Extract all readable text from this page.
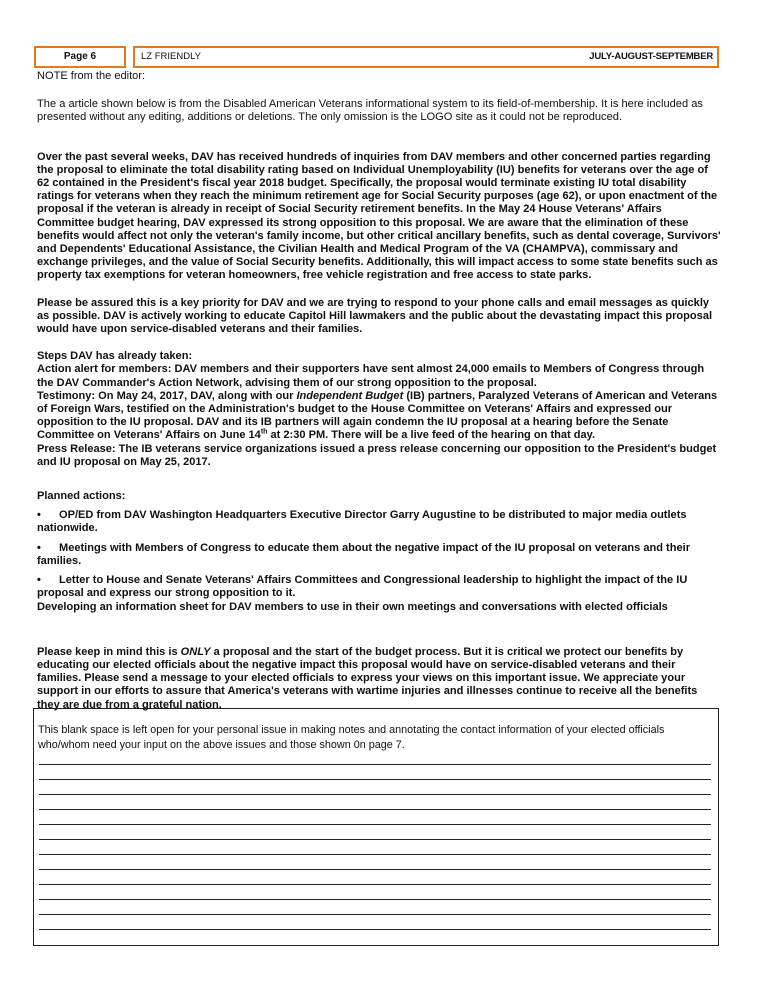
Page 6	LZ FRIENDLY	JULY-AUGUST-SEPTEMBER

NOTE from the editor:

The a article shown below is from the Disabled American Veterans informational system to its field-of-membership. It is here included as presented without any editing, additions or deletions. The only omission is the LOGO site as it could not be reproduced.

Over the past several weeks, DAV has received hundreds of inquiries from DAV members and other concerned parties regarding the proposal to eliminate the total disability rating based on Individual Unemployability (IU) benefits for veterans over the age of 62 contained in the President's fiscal year 2018 budget. Specifically, the proposal would terminate existing IU total disability ratings for veterans when they reach the minimum retirement age for Social Security purposes (age 62), or upon enactment of the proposal if the veteran is already in receipt of Social Security retirement benefits. In the May 24 House Veterans' Affairs Committee budget hearing, DAV expressed its strong opposition to this proposal. We are aware that the elimination of these benefits would affect not only the veteran's family income, but other critical ancillary benefits, such as dental coverage, Survivors' and Dependents' Educational Assistance, the Civilian Health and Medical Program of the VA (CHAMPVA), commissary and exchange privileges, and the value of Social Security benefits. Additionally, this will impact access to some state benefits such as property tax exemptions for veteran homeowners, free vehicle registration and free access to state parks.

Please be assured this is a key priority for DAV and we are trying to respond to your phone calls and email messages as quickly as possible. DAV is actively working to educate Capitol Hill lawmakers and the public about the devastating impact this proposal would have upon service-disabled veterans and their families.

Steps DAV has already taken:

Action alert for members: DAV members and their supporters have sent almost 24,000 emails to Members of Congress through the DAV Commander's Action Network, advising them of our strong opposition to the proposal.

Testimony: On May 24, 2017, DAV, along with our Independent Budget (IB) partners, Paralyzed Veterans of American and Veterans of Foreign Wars, testified on the Administration's budget to the House Committee on Veterans' Affairs and expressed our opposition to the IU proposal. DAV and its IB partners will again condemn the IU proposal at a hearing before the Senate Committee on Veterans' Affairs on June 14th at 2:30 PM. There will be a live feed of the hearing on that day.

Press Release: The IB veterans service organizations issued a press release concerning our opposition to the President's budget and IU proposal on May 25, 2017.

Planned actions:

• OP/ED from DAV Washington Headquarters Executive Director Garry Augustine to be distributed to major media outlets nationwide.

• Meetings with Members of Congress to educate them about the negative impact of the IU proposal on veterans and their families.

• Letter to House and Senate Veterans' Affairs Committees and Congressional leadership to highlight the impact of the IU proposal and express our strong opposition to it.

Developing an information sheet for DAV members to use in their own meetings and conversations with elected officials

Please keep in mind this is ONLY a proposal and the start of the budget process. But it is critical we protect our benefits by educating our elected officials about the negative impact this proposal would have on service-disabled veterans and their families. Please send a message to your elected officials to express your views on this important issue. We appreciate your support in our efforts to assure that America's veterans with wartime injuries and illnesses continue to receive all the benefits they are due from a grateful nation.

This blank space is left open for your personal issue in making notes and annotating the contact information of your elected officials who/whom need your input on the above issues and those shown 0n page 7.
